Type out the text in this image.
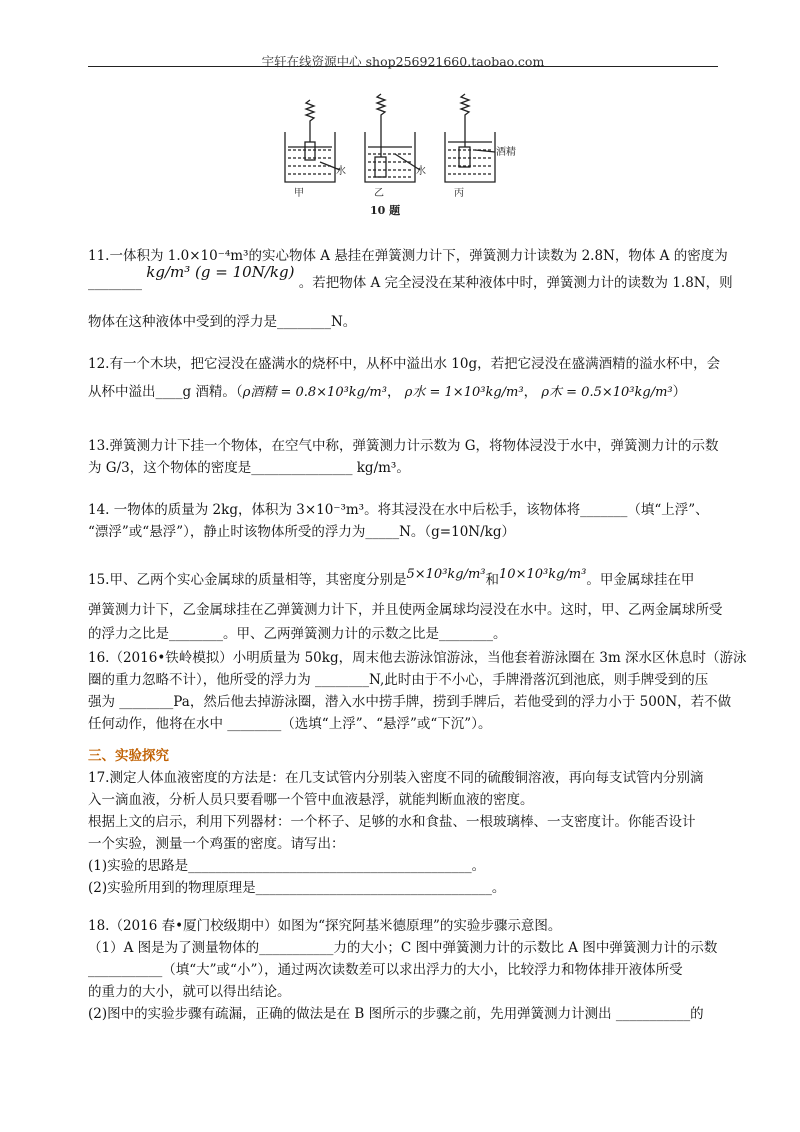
宇轩在线资源中心 shop256921660.taobao.com
水	水
酒精
甲	乙	丙
10 题
11.一体积为 1.0×10⁻⁴m³的实心物体 A 悬挂在弹簧测力计下，弹簧测力计读数为 2.8N，物体 A 的密度为
________ kg/m³ (g = 10N/kg) 。若把物体 A 完全浸没在某种液体中时，弹簧测力计的读数为 1.8N，则
物体在这种液体中受到的浮力是________N。
12.有一个木块，把它浸没在盛满水的烧杯中，从杯中溢出水 10g，若把它浸没在盛满酒精的溢水杯中，会
从杯中溢出____g 酒精。（ρ酒精 = 0.8×10³kg/m³， ρ水 = 1×10³kg/m³， ρ木 = 0.5×10³kg/m³）
13.弹簧测力计下挂一个物体，在空气中称，弹簧测力计示数为 G，将物体浸没于水中，弹簧测力计的示数
为 G/3，这个物体的密度是_______________ kg/m³。
14. 一物体的质量为 2kg，体积为 3×10⁻³m³。将其浸没在水中后松手，该物体将_______（填“上浮”、
“漂浮”或“悬浮”），静止时该物体所受的浮力为_____N。（g=10N/kg）
15.甲、乙两个实心金属球的质量相等，其密度分别是5×10³kg/m³和10×10³kg/m³。甲金属球挂在甲
弹簧测力计下，乙金属球挂在乙弹簧测力计下，并且使两金属球均浸没在水中。这时，甲、乙两金属球所受
的浮力之比是________。甲、乙两弹簧测力计的示数之比是________。
16.（2016•铁岭模拟）小明质量为 50kg，周末他去游泳馆游泳，当他套着游泳圈在 3m 深水区休息时（游泳
圈的重力忽略不计），他所受的浮力为 ________N,此时由于不小心，手牌滑落沉到池底，则手牌受到的压
强为 ________Pa，然后他去掉游泳圈，潜入水中捞手牌，捞到手牌后，若他受到的浮力小于 500N，若不做
任何动作，他将在水中 ________（选填“上浮”、“悬浮”或“下沉”）。
三、实验探究
17.测定人体血液密度的方法是：在几支试管内分别装入密度不同的硫酸铜溶液，再向每支试管内分别滴
入一滴血液，分析人员只要看哪一个管中血液悬浮，就能判断血液的密度。
根据上文的启示，利用下列器材：一个杯子、足够的水和食盐、一根玻璃棒、一支密度计。你能否设计
一个实验，测量一个鸡蛋的密度。请写出：
(1)实验的思路是__________________________________________。
(2)实验所用到的物理原理是___________________________________。
18.（2016 春•厦门校级期中）如图为“探究阿基米德原理”的实验步骤示意图。
（1）A 图是为了测量物体的___________力的大小；C 图中弹簧测力计的示数比 A 图中弹簧测力计的示数
___________（填“大”或“小”），通过两次读数差可以求出浮力的大小，比较浮力和物体排开液体所受
的重力的大小，就可以得出结论。
(2)图中的实验步骤有疏漏，正确的做法是在 B 图所示的步骤之前，先用弹簧测力计测出 ___________的
